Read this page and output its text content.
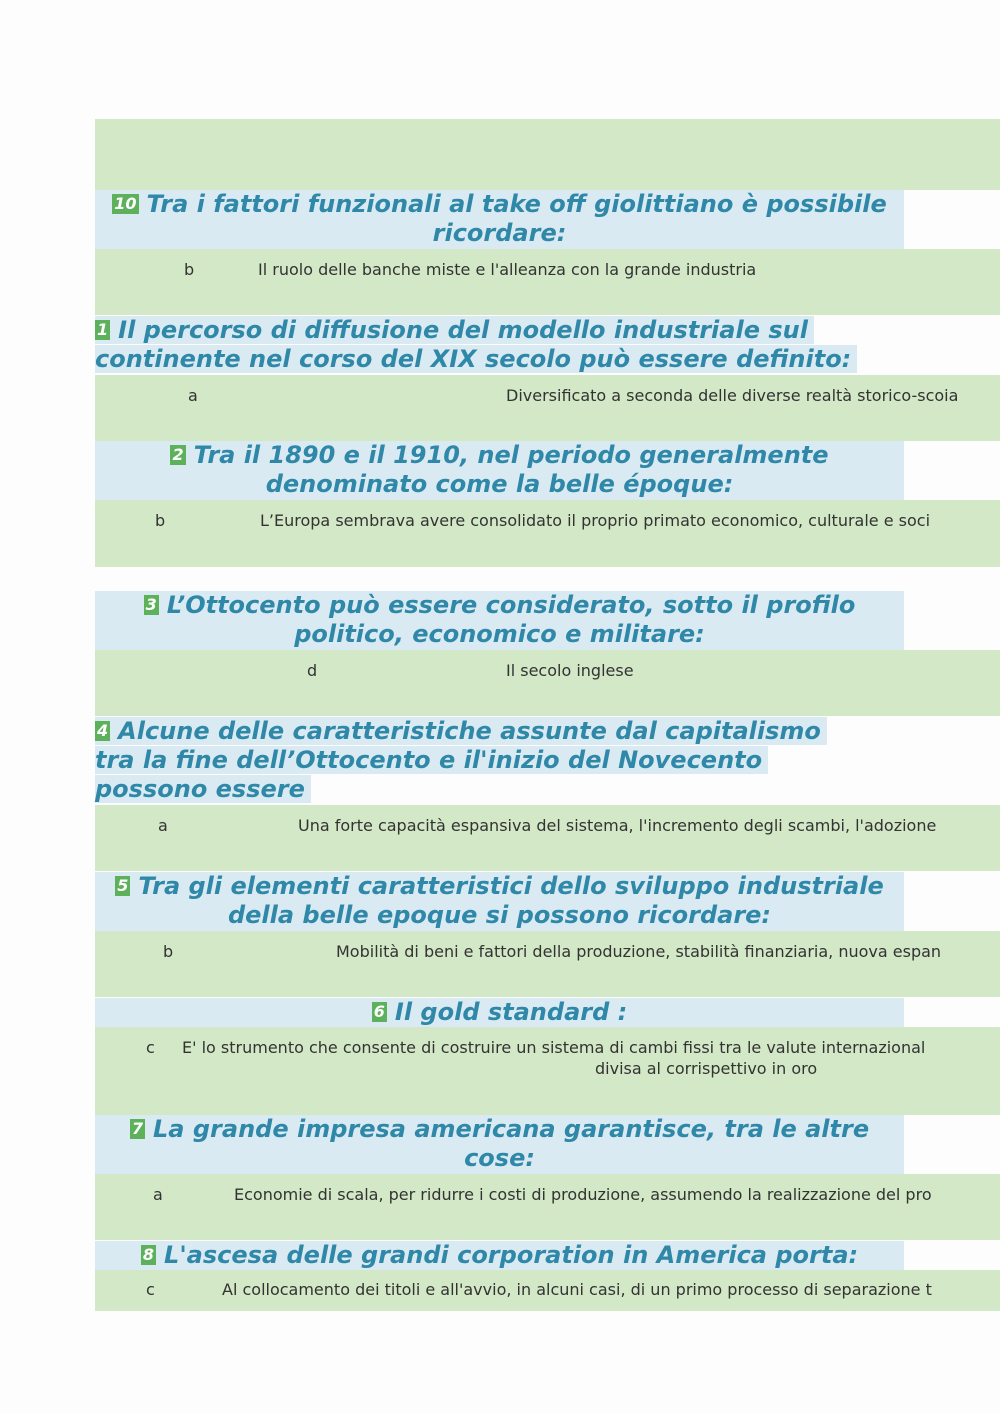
10 Tra i fattori funzionali al take off giolittiano è possibile ricordare:
b	Il ruolo delle banche miste e l'alleanza con la grande industria
1 Il percorso di diffusione del modello industriale sul
continente nel corso del XIX secolo può essere definito:
a	Diversificato a seconda delle diverse realtà storico-scoia
2 Tra il 1890 e il 1910, nel periodo generalmente denominato come la belle époque:
b	L’Europa sembrava avere consolidato il proprio primato economico, culturale e soci
3 L’Ottocento può essere considerato, sotto il profilo politico, economico e militare:
d	Il secolo inglese
4 Alcune delle caratteristiche assunte dal capitalismo
tra la fine dell’Ottocento e il'inizio del Novecento
possono essere
a	Una forte capacità espansiva del sistema, l'incremento degli scambi, l'adozione
5 Tra gli elementi caratteristici dello sviluppo industriale della belle epoque si possono ricordare:
b	Mobilità di beni e fattori della produzione, stabilità finanziaria, nuova espan
6 Il gold standard :
c E' lo strumento che consente di costruire un sistema di cambi fissi tra le valute internazional
divisa al corrispettivo in oro
7 La grande impresa americana garantisce, tra le altre cose:
a	Economie di scala, per ridurre i costi di produzione, assumendo la realizzazione del pro
8 L'ascesa delle grandi corporation in America porta:
c	Al collocamento dei titoli e all'avvio, in alcuni casi, di un primo processo di separazione t
